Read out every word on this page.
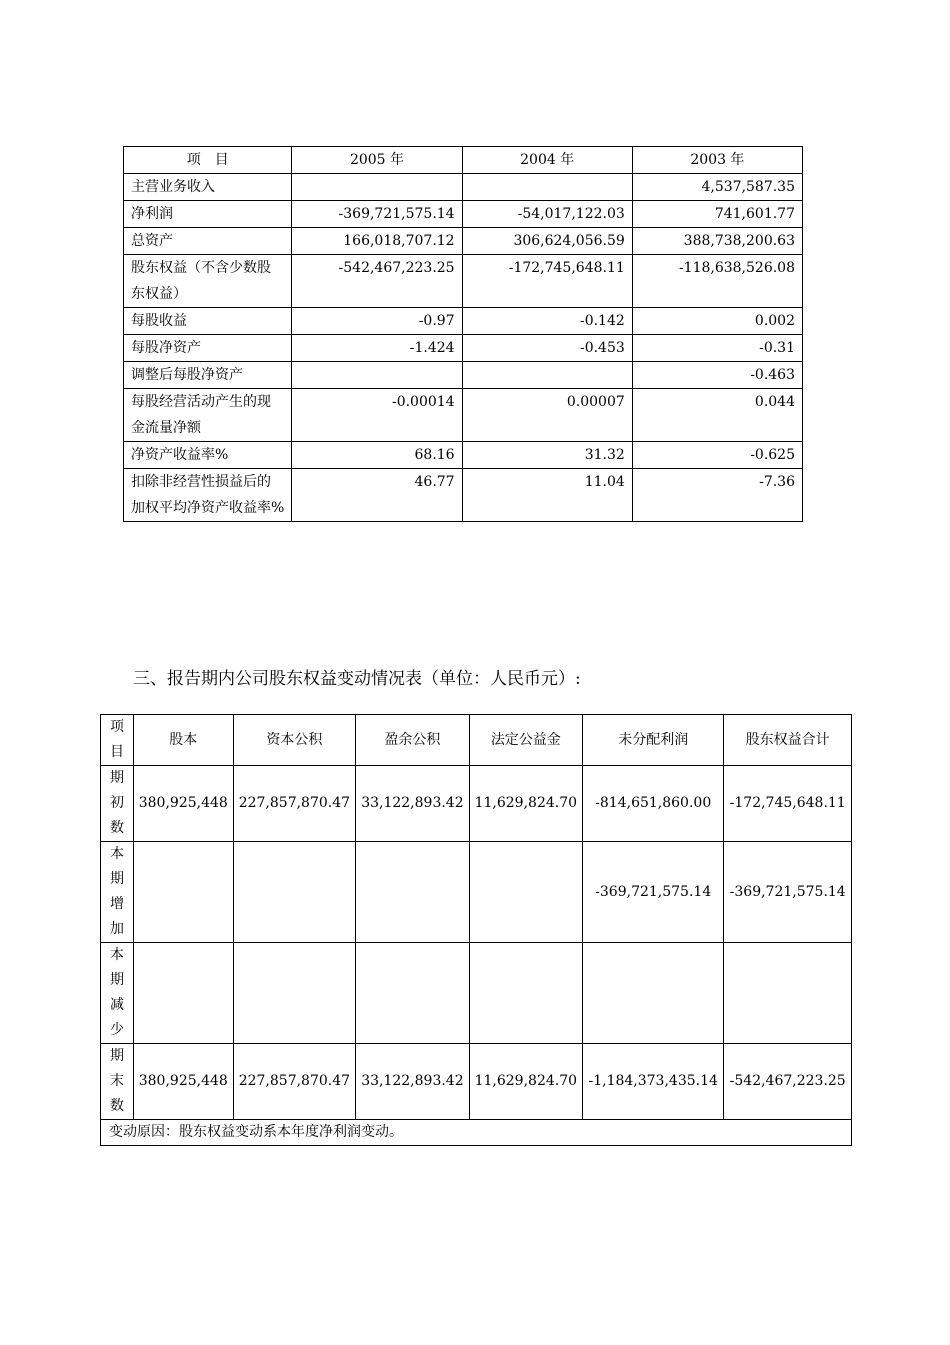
项　目	2005 年	2004 年	2003 年
主营业务收入			4,537,587.35
净利润	-369,721,575.14	-54,017,122.03	741,601.77
总资产	166,018,707.12	306,624,056.59	388,738,200.63
股东权益（不含少数股东权益）	-542,467,223.25	-172,745,648.11	-118,638,526.08
每股收益	-0.97	-0.142	0.002
每股净资产	-1.424	-0.453	-0.31
调整后每股净资产			-0.463
每股经营活动产生的现金流量净额	-0.00014	0.00007	0.044
净资产收益率%	68.16	31.32	-0.625
扣除非经营性损益后的加权平均净资产收益率%	46.77	11.04	-7.36
三、报告期内公司股东权益变动情况表（单位：人民币元）:
项目	股本	资本公积	盈余公积	法定公益金	未分配利润	股东权益合计

期初数	380,925,448	227,857,870.47	33,122,893.42	11,629,824.70	-814,651,860.00	-172,745,648.11

本期增加					-369,721,575.14	-369,721,575.14

本期减少						

期末数	380,925,448	227,857,870.47	33,122,893.42	11,629,824.70	-1,184,373,435.14	-542,467,223.25
变动原因：股东权益变动系本年度净利润变动。						
